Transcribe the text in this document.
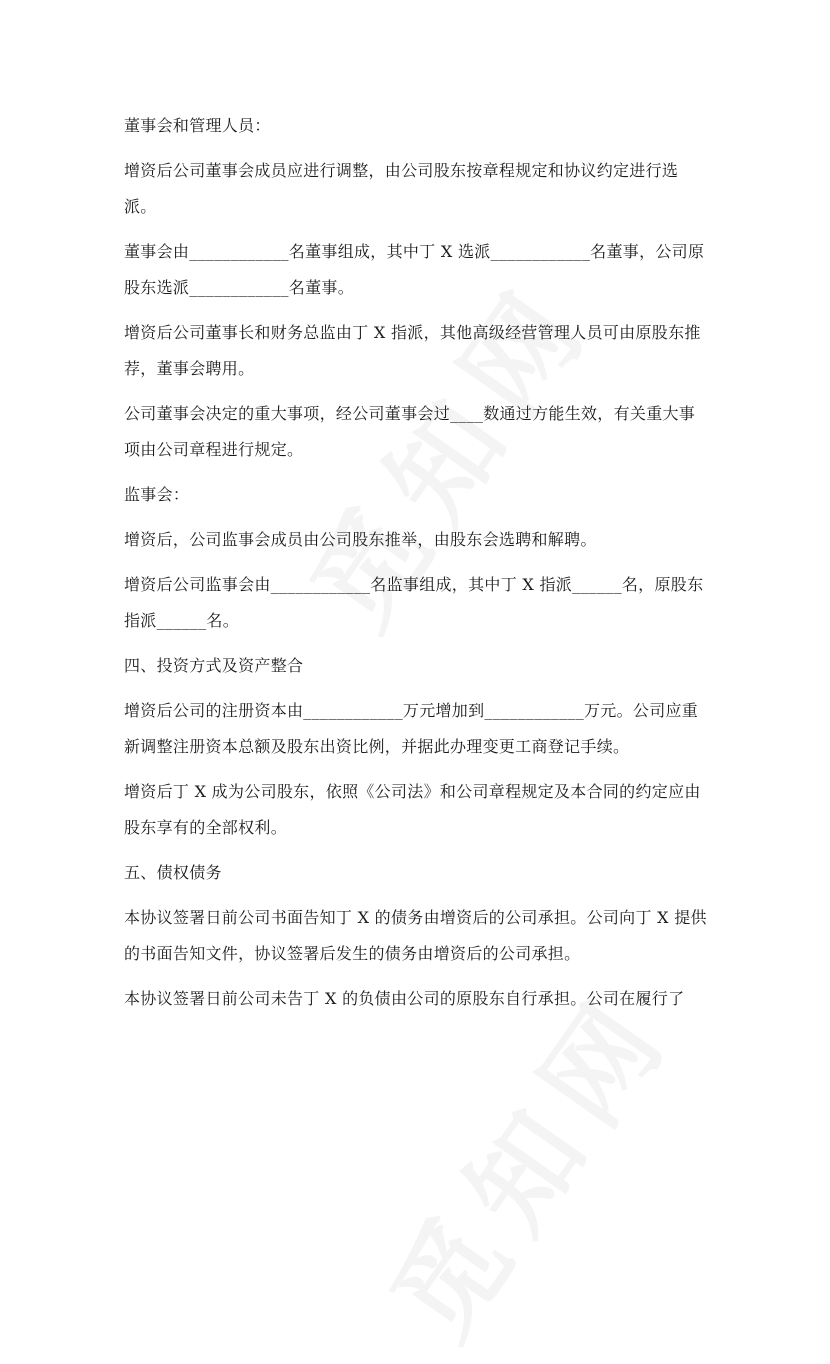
董事会和管理人员：

增资后公司董事会成员应进行调整，由公司股东按章程规定和协议约定进行选派。

董事会由____________名董事组成，其中丁 X 选派____________名董事，公司原股东选派____________名董事。

增资后公司董事长和财务总监由丁 X 指派，其他高级经营管理人员可由原股东推荐，董事会聘用。

公司董事会决定的重大事项，经公司董事会过____数通过方能生效，有关重大事项由公司章程进行规定。

监事会：

增资后，公司监事会成员由公司股东推举，由股东会选聘和解聘。

增资后公司监事会由____________名监事组成，其中丁 X 指派______名，原股东指派______名。

四、投资方式及资产整合

增资后公司的注册资本由____________万元增加到____________万元。公司应重新调整注册资本总额及股东出资比例，并据此办理变更工商登记手续。

增资后丁 X 成为公司股东，依照《公司法》和公司章程规定及本合同的约定应由股东享有的全部权利。

五、债权债务

本协议签署日前公司书面告知丁 X 的债务由增资后的公司承担。公司向丁 X 提供的书面告知文件，协议签署后发生的债务由增资后的公司承担。

本协议签署日前公司未告丁 X 的负债由公司的原股东自行承担。公司在履行了
